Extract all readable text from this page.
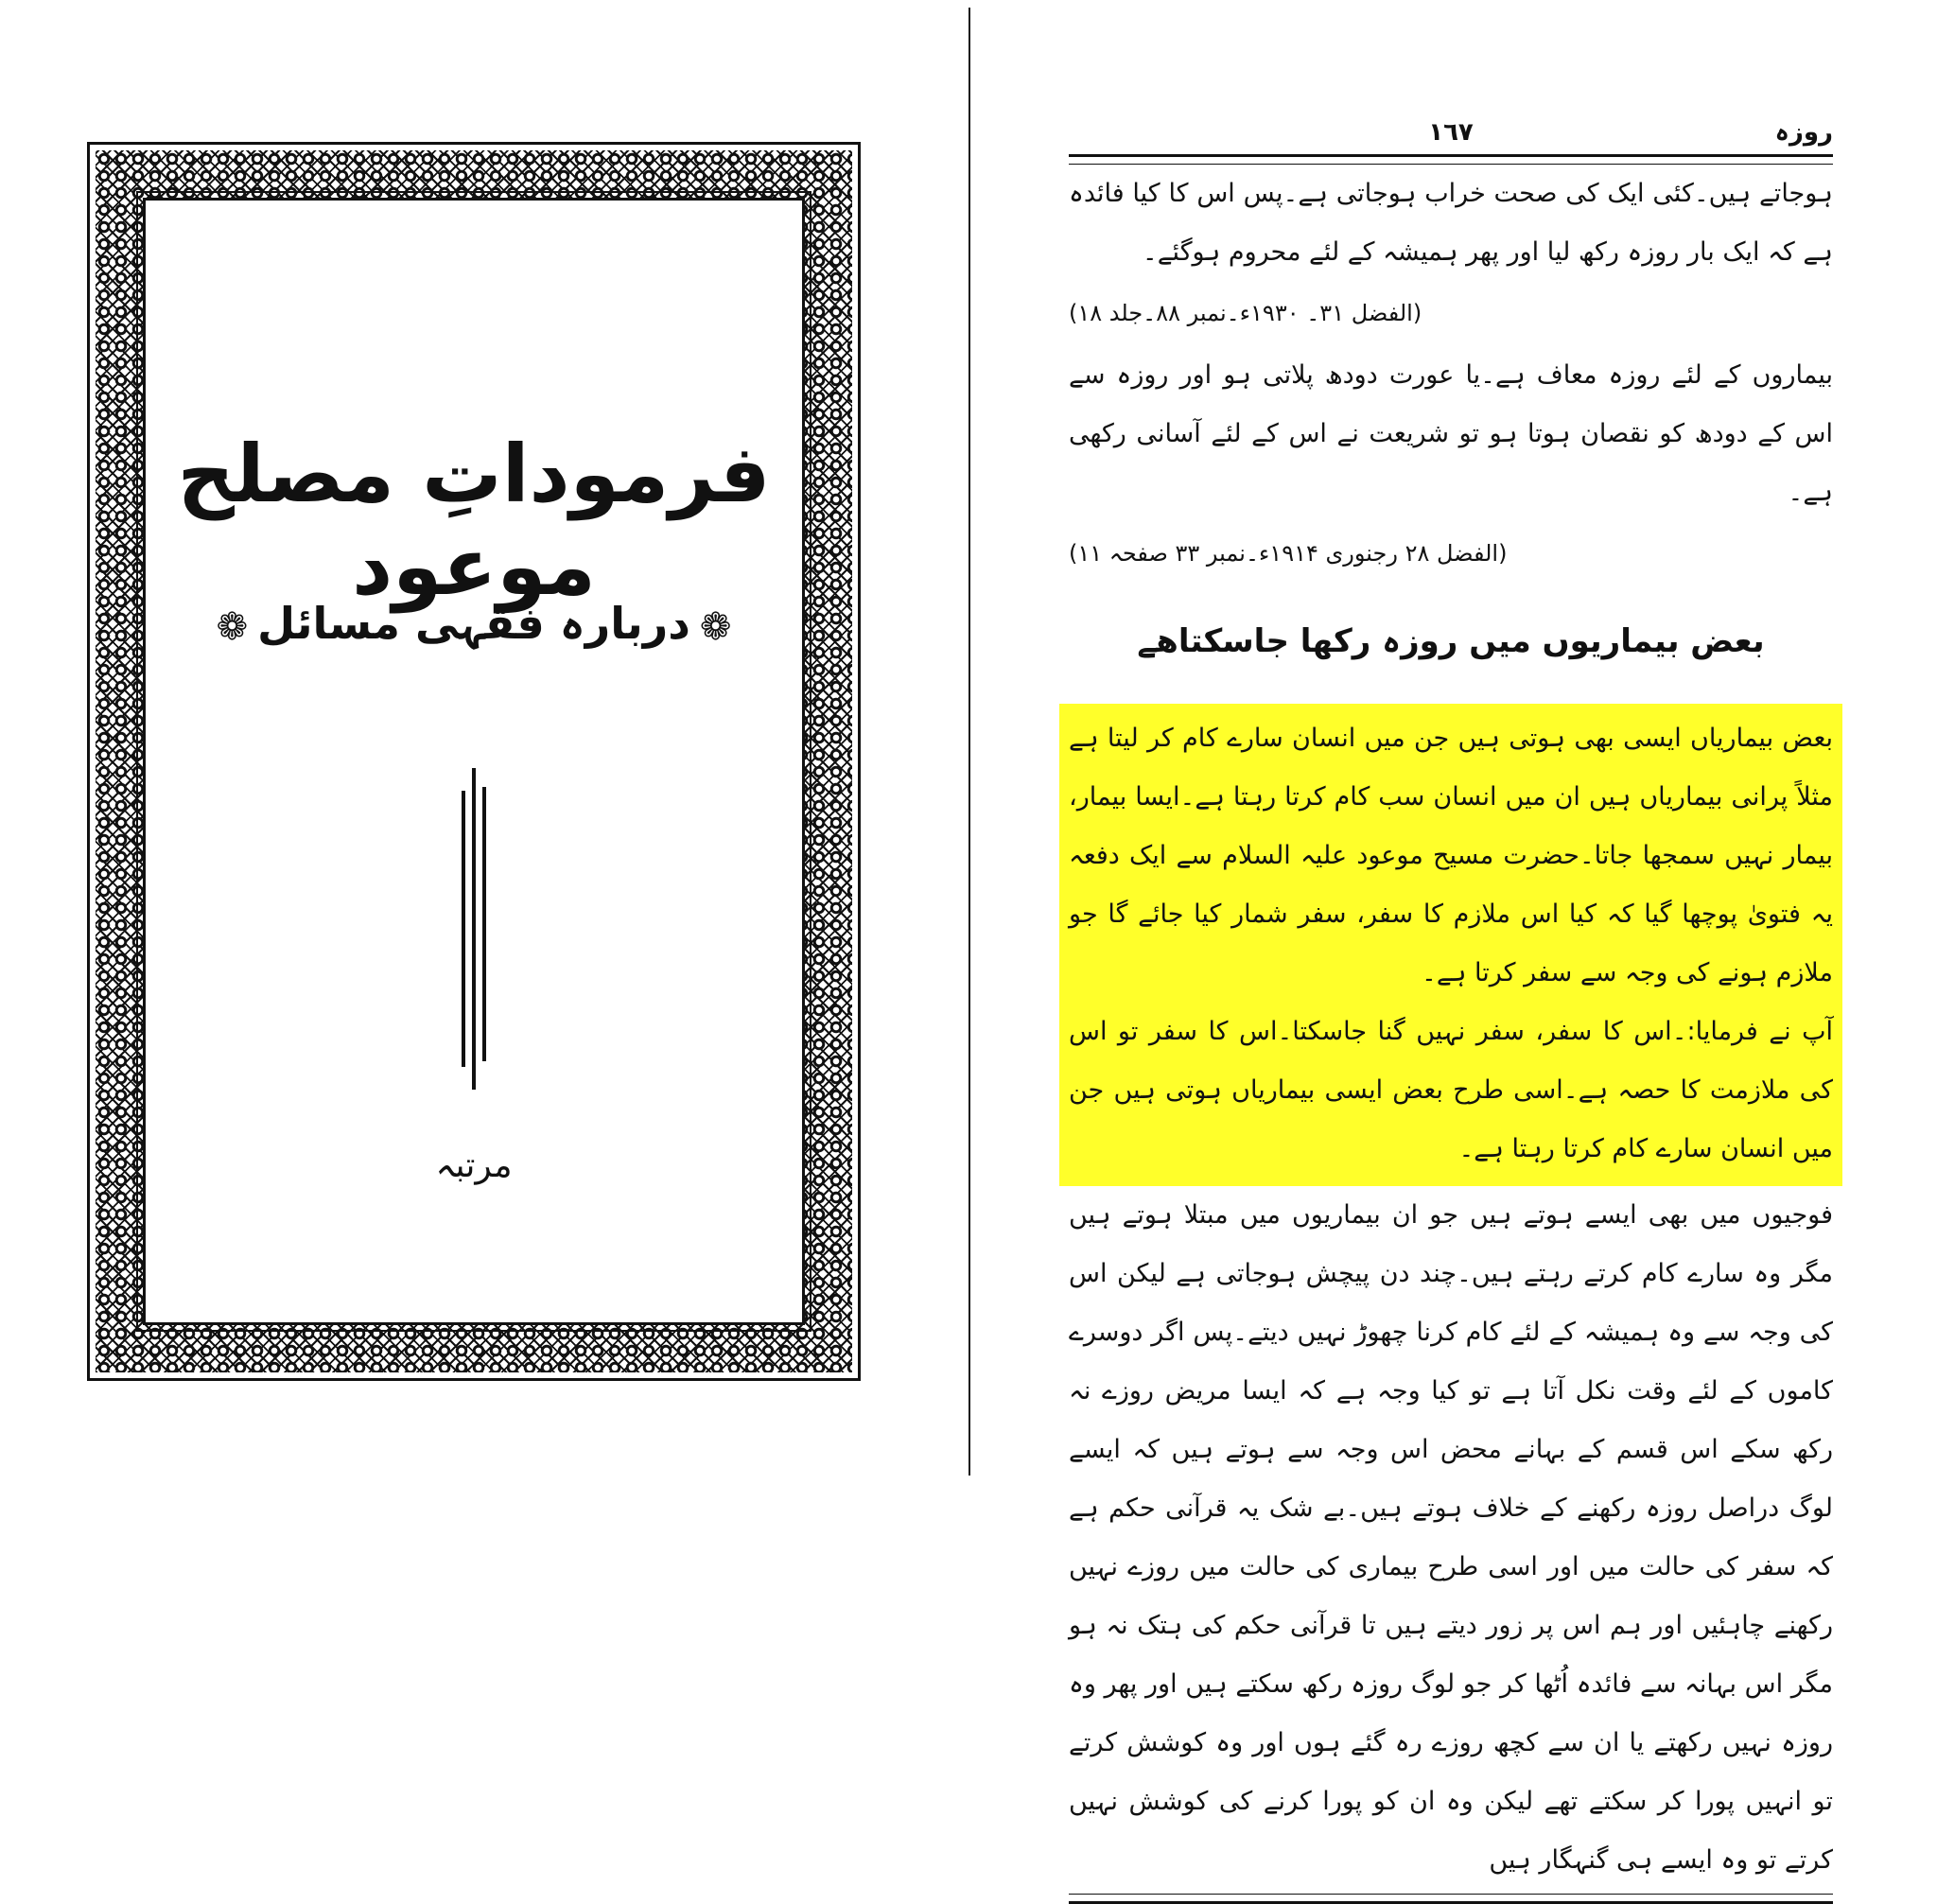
فرموداتِ مصلح موعود
❁دربارہ فقہی مسائل❁
مرتبہ
روزہ
١٦٧

ہوجاتے ہیں۔کئی ایک کی صحت خراب ہوجاتی ہے۔پس اس کا کیا فائدہ ہے کہ ایک بار روزہ رکھ لیا اور پھر ہمیشہ کے لئے محروم ہوگئے۔

(الفضل ۳۱۔ ۱۹۳۰ء۔نمبر ۸۸۔جلد ۱۸)

بیماروں کے لئے روزہ معاف ہے۔یا عورت دودھ پلاتی ہو اور روزہ سے اس کے دودھ کو نقصان ہوتا ہو تو شریعت نے اس کے لئے آسانی رکھی ہے۔

(الفضل ۲۸ رجنوری ۱۹۱۴ء۔نمبر ۳۳ صفحہ ۱۱)

بعض بیماریوں میں روزہ رکھا جاسکتاھے

بعض بیماریاں ایسی بھی ہوتی ہیں جن میں انسان سارے کام کر لیتا ہے مثلاً پرانی بیماریاں ہیں ان میں انسان سب کام کرتا رہتا ہے۔ایسا بیمار، بیمار نہیں سمجھا جاتا۔حضرت مسیح موعود علیہ السلام سے ایک دفعہ یہ فتویٰ پوچھا گیا کہ کیا اس ملازم کا سفر، سفر شمار کیا جائے گا جو ملازم ہونے کی وجہ سے سفر کرتا ہے۔

آپ نے فرمایا:۔اس کا سفر، سفر نہیں گنا جاسکتا۔اس کا سفر تو اس کی ملازمت کا حصہ ہے۔اسی طرح بعض ایسی بیماریاں ہوتی ہیں جن میں انسان سارے کام کرتا رہتا ہے۔

فوجیوں میں بھی ایسے ہوتے ہیں جو ان بیماریوں میں مبتلا ہوتے ہیں مگر وہ سارے کام کرتے رہتے ہیں۔چند دن پیچش ہوجاتی ہے لیکن اس کی وجہ سے وہ ہمیشہ کے لئے کام کرنا چھوڑ نہیں دیتے۔پس اگر دوسرے کاموں کے لئے وقت نکل آتا ہے تو کیا وجہ ہے کہ ایسا مریض روزے نہ رکھ سکے اس قسم کے بہانے محض اس وجہ سے ہوتے ہیں کہ ایسے لوگ دراصل روزہ رکھنے کے خلاف ہوتے ہیں۔بے شک یہ قرآنی حکم ہے کہ سفر کی حالت میں اور اسی طرح بیماری کی حالت میں روزے نہیں رکھنے چاہئیں اور ہم اس پر زور دیتے ہیں تا قرآنی حکم کی ہتک نہ ہو مگر اس بہانہ سے فائدہ اُٹھا کر جو لوگ روزہ رکھ سکتے ہیں اور پھر وہ روزہ نہیں رکھتے یا ان سے کچھ روزے رہ گئے ہوں اور وہ کوشش کرتے تو انہیں پورا کر سکتے تھے لیکن وہ ان کو پورا کرنے کی کوشش نہیں کرتے تو وہ ایسے ہی گنہگار ہیں
